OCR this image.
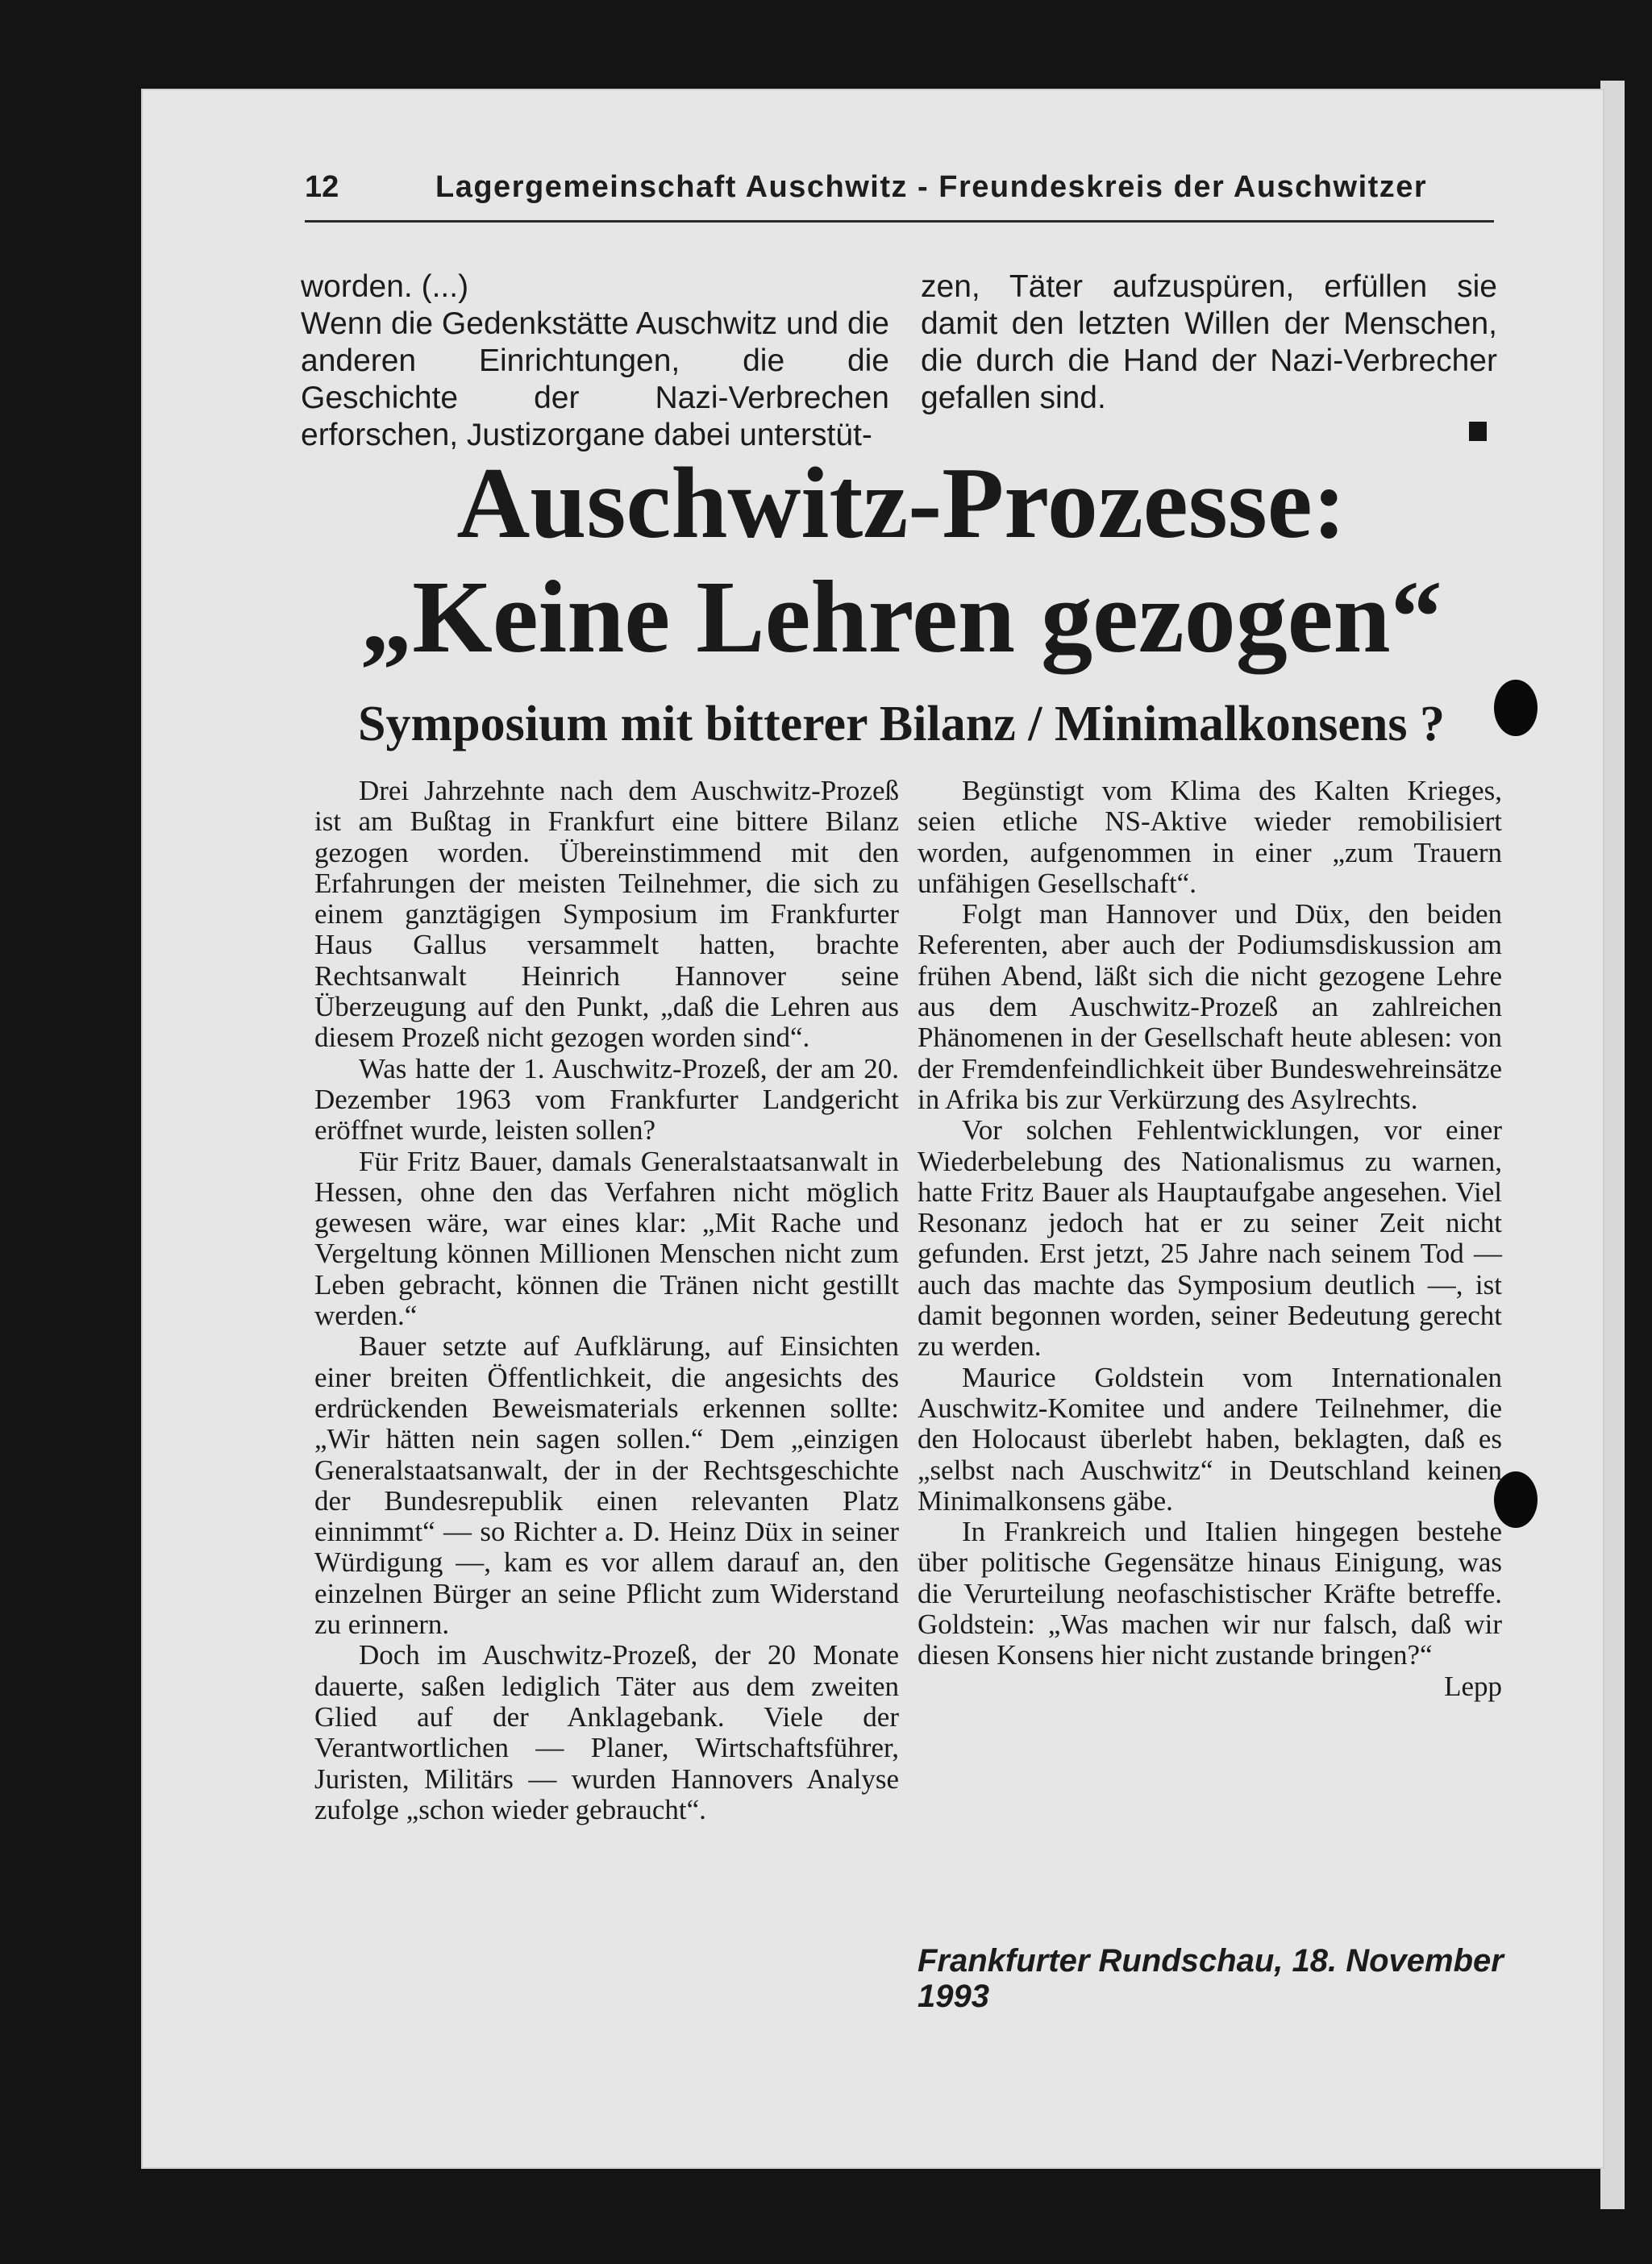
12	Lagergemeinschaft Auschwitz - Freundeskreis der Auschwitzer

worden. (...)

Wenn die Gedenkstätte Auschwitz und die anderen Einrichtungen, die die Geschichte der Nazi-Verbrechen erforschen, Justizorgane dabei unterstüt-

zen, Täter aufzuspüren, erfüllen sie damit den letzten Willen der Menschen, die durch die Hand der Nazi-Verbrecher gefallen sind.

Auschwitz-Prozesse:
„Keine Lehren gezogen“
Symposium mit bitterer Bilanz / Minimalkonsens ?

Drei Jahrzehnte nach dem Auschwitz-Prozeß ist am Bußtag in Frankfurt eine bittere Bilanz gezogen worden. Übereinstimmend mit den Erfahrungen der meisten Teilnehmer, die sich zu einem ganztägigen Symposium im Frankfurter Haus Gallus versammelt hatten, brachte Rechtsanwalt Heinrich Hannover seine Überzeugung auf den Punkt, „daß die Lehren aus diesem Prozeß nicht gezogen worden sind“.

Was hatte der 1. Auschwitz-Prozeß, der am 20. Dezember 1963 vom Frankfurter Landgericht eröffnet wurde, leisten sollen?

Für Fritz Bauer, damals Generalstaatsanwalt in Hessen, ohne den das Verfahren nicht möglich gewesen wäre, war eines klar: „Mit Rache und Vergeltung können Millionen Menschen nicht zum Leben gebracht, können die Tränen nicht gestillt werden.“

Bauer setzte auf Aufklärung, auf Einsichten einer breiten Öffentlichkeit, die angesichts des erdrückenden Beweismaterials erkennen sollte: „Wir hätten nein sagen sollen.“ Dem „einzigen Generalstaatsanwalt, der in der Rechtsgeschichte der Bundesrepublik einen relevanten Platz einnimmt“ — so Richter a. D. Heinz Düx in seiner Würdigung —, kam es vor allem darauf an, den einzelnen Bürger an seine Pflicht zum Widerstand zu erinnern.

Doch im Auschwitz-Prozeß, der 20 Monate dauerte, saßen lediglich Täter aus dem zweiten Glied auf der Anklagebank. Viele der Verantwortlichen — Planer, Wirtschaftsführer, Juristen, Militärs — wurden Hannovers Analyse zufolge „schon wieder gebraucht“.

Begünstigt vom Klima des Kalten Krieges, seien etliche NS-Aktive wieder remobilisiert worden, aufgenommen in einer „zum Trauern unfähigen Gesellschaft“.

Folgt man Hannover und Düx, den beiden Referenten, aber auch der Podiumsdiskussion am frühen Abend, läßt sich die nicht gezogene Lehre aus dem Auschwitz-Prozeß an zahlreichen Phänomenen in der Gesellschaft heute ablesen: von der Fremdenfeindlichkeit über Bundeswehreinsätze in Afrika bis zur Verkürzung des Asylrechts.

Vor solchen Fehlentwicklungen, vor einer Wiederbelebung des Nationalismus zu warnen, hatte Fritz Bauer als Hauptaufgabe angesehen. Viel Resonanz jedoch hat er zu seiner Zeit nicht gefunden. Erst jetzt, 25 Jahre nach seinem Tod — auch das machte das Symposium deutlich —, ist damit begonnen worden, seiner Bedeutung gerecht zu werden.

Maurice Goldstein vom Internationalen Auschwitz-Komitee und andere Teilnehmer, die den Holocaust überlebt haben, beklagten, daß es „selbst nach Auschwitz“ in Deutschland keinen Minimalkonsens gäbe.

In Frankreich und Italien hingegen bestehe über politische Gegensätze hinaus Einigung, was die Verurteilung neofaschistischer Kräfte betreffe. Goldstein: „Was machen wir nur falsch, daß wir diesen Konsens hier nicht zustande bringen?“

Lepp
Frankfurter Rundschau, 18. November 1993
